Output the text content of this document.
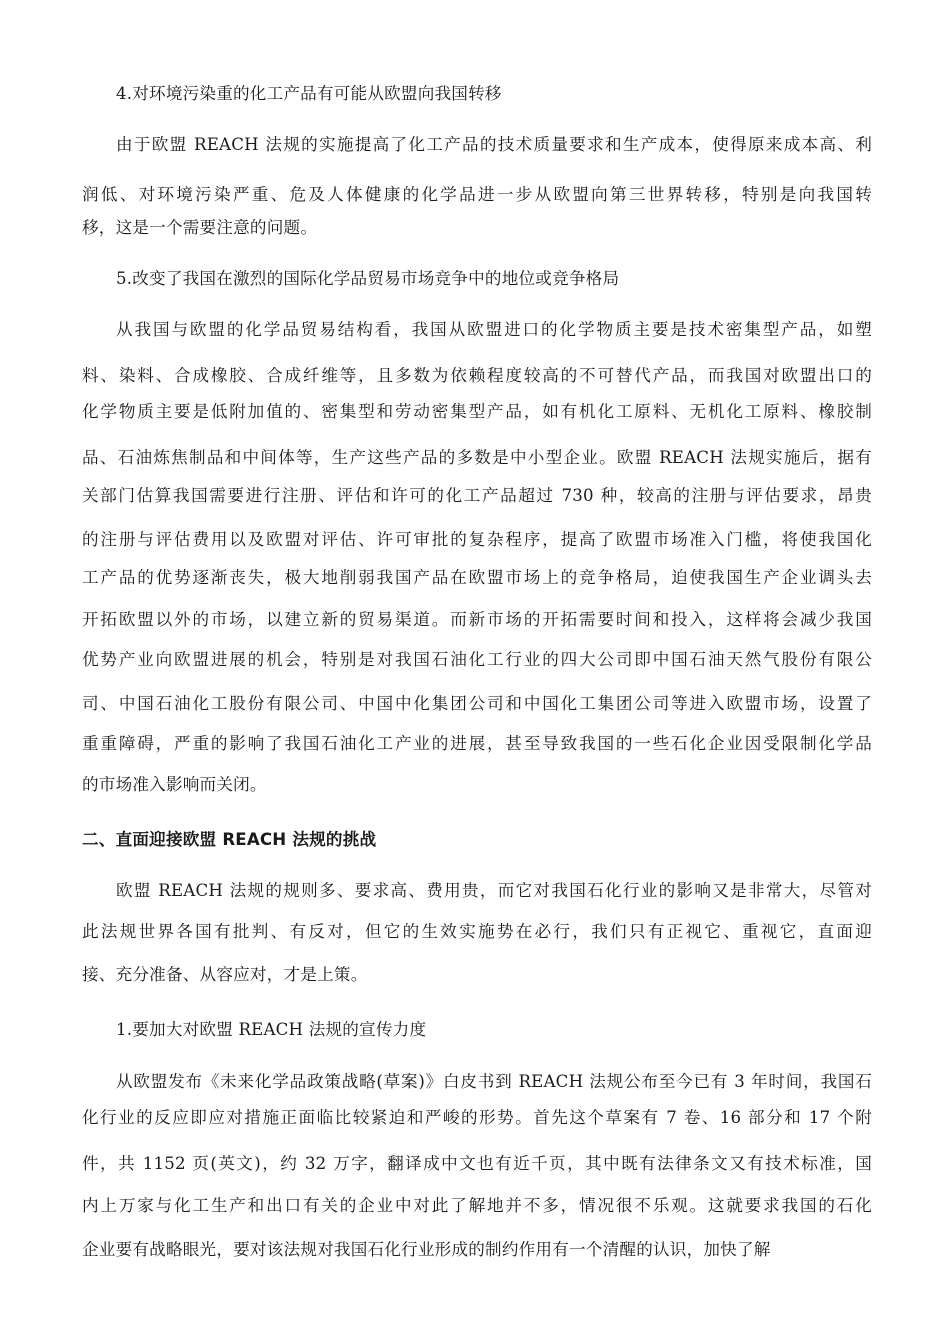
4.对环境污染重的化工产品有可能从欧盟向我国转移
由于欧盟 REACH 法规的实施提高了化工产品的技术质量要求和生产成本，使得原来成本高、利
润低、对环境污染严重、危及人体健康的化学品进一步从欧盟向第三世界转移，特别是向我国转
移，这是一个需要注意的问题。
5.改变了我国在激烈的国际化学品贸易市场竞争中的地位或竞争格局
从我国与欧盟的化学品贸易结构看，我国从欧盟进口的化学物质主要是技术密集型产品，如塑
料、染料、合成橡胶、合成纤维等，且多数为依赖程度较高的不可替代产品，而我国对欧盟出口的
化学物质主要是低附加值的、密集型和劳动密集型产品，如有机化工原料、无机化工原料、橡胶制
品、石油炼焦制品和中间体等，生产这些产品的多数是中小型企业。欧盟 REACH 法规实施后，据有
关部门估算我国需要进行注册、评估和许可的化工产品超过 730 种，较高的注册与评估要求，昂贵
的注册与评估费用以及欧盟对评估、许可审批的复杂程序，提高了欧盟市场准入门槛，将使我国化
工产品的优势逐渐丧失，极大地削弱我国产品在欧盟市场上的竞争格局，迫使我国生产企业调头去
开拓欧盟以外的市场，以建立新的贸易渠道。而新市场的开拓需要时间和投入，这样将会减少我国
优势产业向欧盟进展的机会，特别是对我国石油化工行业的四大公司即中国石油天然气股份有限公
司、中国石油化工股份有限公司、中国中化集团公司和中国化工集团公司等进入欧盟市场，设置了
重重障碍，严重的影响了我国石油化工产业的进展，甚至导致我国的一些石化企业因受限制化学品
的市场准入影响而关闭。
二、直面迎接欧盟 REACH 法规的挑战
欧盟 REACH 法规的规则多、要求高、费用贵，而它对我国石化行业的影响又是非常大，尽管对
此法规世界各国有批判、有反对，但它的生效实施势在必行，我们只有正视它、重视它，直面迎
接、充分准备、从容应对，才是上策。
1.要加大对欧盟 REACH 法规的宣传力度
从欧盟发布《未来化学品政策战略(草案)》白皮书到 REACH 法规公布至今已有 3 年时间，我国石
化行业的反应即应对措施正面临比较紧迫和严峻的形势。首先这个草案有 7 卷、16 部分和 17 个附
件，共 1152 页(英文)，约 32 万字，翻译成中文也有近千页，其中既有法律条文又有技术标准，国
内上万家与化工生产和出口有关的企业中对此了解地并不多，情况很不乐观。这就要求我国的石化
企业要有战略眼光，要对该法规对我国石化行业形成的制约作用有一个清醒的认识，加快了解
